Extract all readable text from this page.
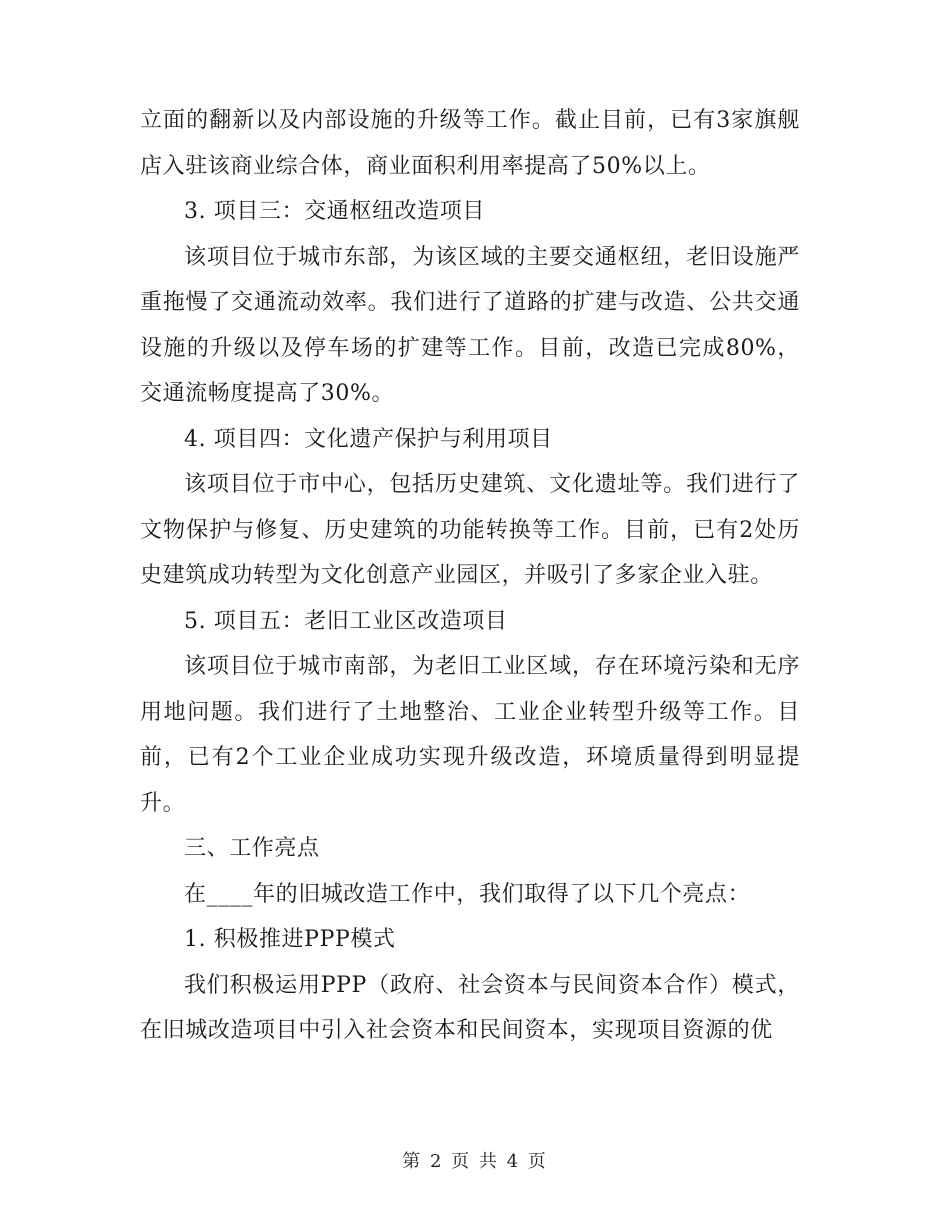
立面的翻新以及内部设施的升级等工作。截止目前，已有3家旗舰店入驻该商业综合体，商业面积利用率提高了50%以上。

3. 项目三：交通枢纽改造项目

该项目位于城市东部，为该区域的主要交通枢纽，老旧设施严重拖慢了交通流动效率。我们进行了道路的扩建与改造、公共交通设施的升级以及停车场的扩建等工作。目前，改造已完成80%，交通流畅度提高了30%。

4. 项目四：文化遗产保护与利用项目

该项目位于市中心，包括历史建筑、文化遗址等。我们进行了文物保护与修复、历史建筑的功能转换等工作。目前，已有2处历史建筑成功转型为文化创意产业园区，并吸引了多家企业入驻。

5. 项目五：老旧工业区改造项目

该项目位于城市南部，为老旧工业区域，存在环境污染和无序用地问题。我们进行了土地整治、工业企业转型升级等工作。目前，已有2个工业企业成功实现升级改造，环境质量得到明显提升。

三、工作亮点

在____年的旧城改造工作中，我们取得了以下几个亮点：

1. 积极推进PPP模式

我们积极运用PPP（政府、社会资本与民间资本合作）模式，在旧城改造项目中引入社会资本和民间资本，实现项目资源的优

第 2 页 共 4 页
